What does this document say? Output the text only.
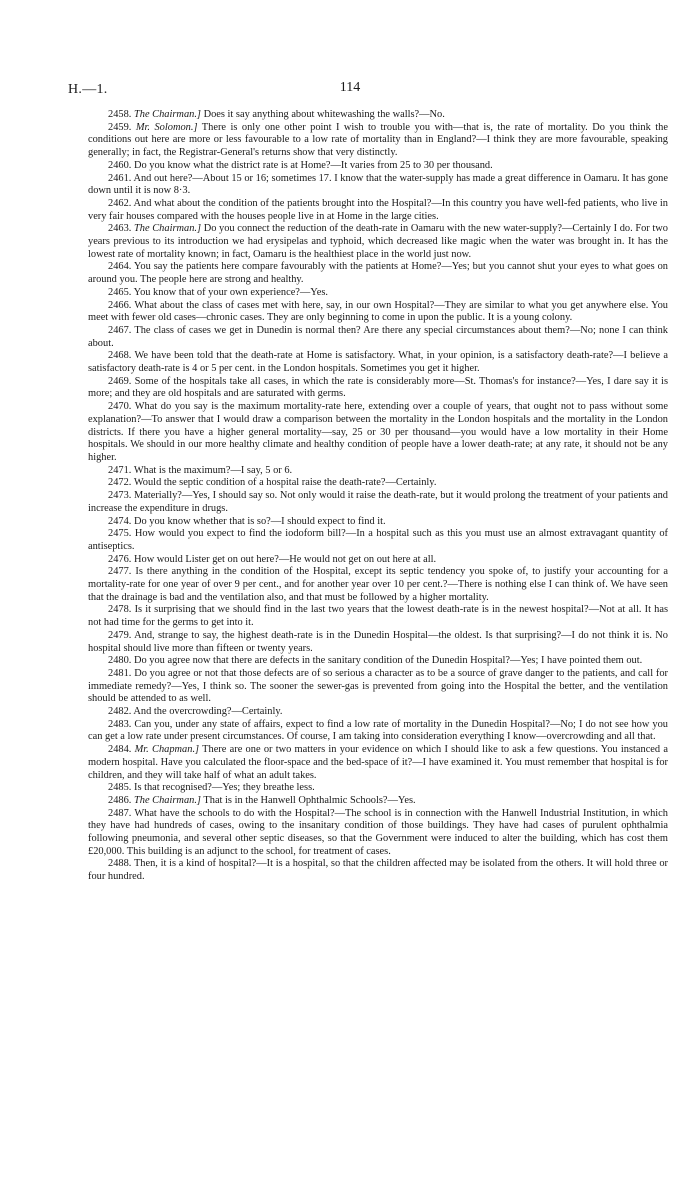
H.—1.	114

2458. The Chairman.] Does it say anything about whitewashing the walls?—No.

2459. Mr. Solomon.] There is only one other point I wish to trouble you with—that is, the rate of mortality. Do you think the conditions out here are more or less favourable to a low rate of mortality than in England?—I think they are more favourable, speaking generally; in fact, the Registrar-General's returns show that very distinctly.

2460. Do you know what the district rate is at Home?—It varies from 25 to 30 per thousand.

2461. And out here?—About 15 or 16; sometimes 17. I know that the water-supply has made a great difference in Oamaru. It has gone down until it is now 8·3.

2462. And what about the condition of the patients brought into the Hospital?—In this country you have well-fed patients, who live in very fair houses compared with the houses people live in at Home in the large cities.

2463. The Chairman.] Do you connect the reduction of the death-rate in Oamaru with the new water-supply?—Certainly I do. For two years previous to its introduction we had erysipelas and typhoid, which decreased like magic when the water was brought in. It has the lowest rate of mortality known; in fact, Oamaru is the healthiest place in the world just now.

2464. You say the patients here compare favourably with the patients at Home?—Yes; but you cannot shut your eyes to what goes on around you. The people here are strong and healthy.

2465. You know that of your own experience?—Yes.

2466. What about the class of cases met with here, say, in our own Hospital?—They are similar to what you get anywhere else. You meet with fewer old cases—chronic cases. They are only beginning to come in upon the public. It is a young colony.

2467. The class of cases we get in Dunedin is normal then? Are there any special circumstances about them?—No; none I can think about.

2468. We have been told that the death-rate at Home is satisfactory. What, in your opinion, is a satisfactory death-rate?—I believe a satisfactory death-rate is 4 or 5 per cent. in the London hospitals. Sometimes you get it higher.

2469. Some of the hospitals take all cases, in which the rate is considerably more—St. Thomas's for instance?—Yes, I dare say it is more; and they are old hospitals and are saturated with germs.

2470. What do you say is the maximum mortality-rate here, extending over a couple of years, that ought not to pass without some explanation?—To answer that I would draw a comparison between the mortality in the London hospitals and the mortality in the London districts. If there you have a higher general mortality—say, 25 or 30 per thousand—you would have a low mortality in their Home hospitals. We should in our more healthy climate and healthy condition of people have a lower death-rate; at any rate, it should not be any higher.

2471. What is the maximum?—I say, 5 or 6.

2472. Would the septic condition of a hospital raise the death-rate?—Certainly.

2473. Materially?—Yes, I should say so. Not only would it raise the death-rate, but it would prolong the treatment of your patients and increase the expenditure in drugs.

2474. Do you know whether that is so?—I should expect to find it.

2475. How would you expect to find the iodoform bill?—In a hospital such as this you must use an almost extravagant quantity of antiseptics.

2476. How would Lister get on out here?—He would not get on out here at all.

2477. Is there anything in the condition of the Hospital, except its septic tendency you spoke of, to justify your accounting for a mortality-rate for one year of over 9 per cent., and for another year over 10 per cent.?—There is nothing else I can think of. We have seen that the drainage is bad and the ventilation also, and that must be followed by a higher mortality.

2478. Is it surprising that we should find in the last two years that the lowest death-rate is in the newest hospital?—Not at all. It has not had time for the germs to get into it.

2479. And, strange to say, the highest death-rate is in the Dunedin Hospital—the oldest. Is that surprising?—I do not think it is. No hospital should live more than fifteen or twenty years.

2480. Do you agree now that there are defects in the sanitary condition of the Dunedin Hospital?—Yes; I have pointed them out.

2481. Do you agree or not that those defects are of so serious a character as to be a source of grave danger to the patients, and call for immediate remedy?—Yes, I think so. The sooner the sewer-gas is prevented from going into the Hospital the better, and the ventilation should be attended to as well.

2482. And the overcrowding?—Certainly.

2483. Can you, under any state of affairs, expect to find a low rate of mortality in the Dunedin Hospital?—No; I do not see how you can get a low rate under present circumstances. Of course, I am taking into consideration everything I know—overcrowding and all that.

2484. Mr. Chapman.] There are one or two matters in your evidence on which I should like to ask a few questions. You instanced a modern hospital. Have you calculated the floor-space and the bed-space of it?—I have examined it. You must remember that hospital is for children, and they will take half of what an adult takes.

2485. Is that recognised?—Yes; they breathe less.

2486. The Chairman.] That is in the Hanwell Ophthalmic Schools?—Yes.

2487. What have the schools to do with the Hospital?—The school is in connection with the Hanwell Industrial Institution, in which they have had hundreds of cases, owing to the insanitary condition of those buildings. They have had cases of purulent ophthalmia following pneumonia, and several other septic diseases, so that the Government were induced to alter the building, which has cost them £20,000. This building is an adjunct to the school, for treatment of cases.

2488. Then, it is a kind of hospital?—It is a hospital, so that the children affected may be isolated from the others. It will hold three or four hundred.
